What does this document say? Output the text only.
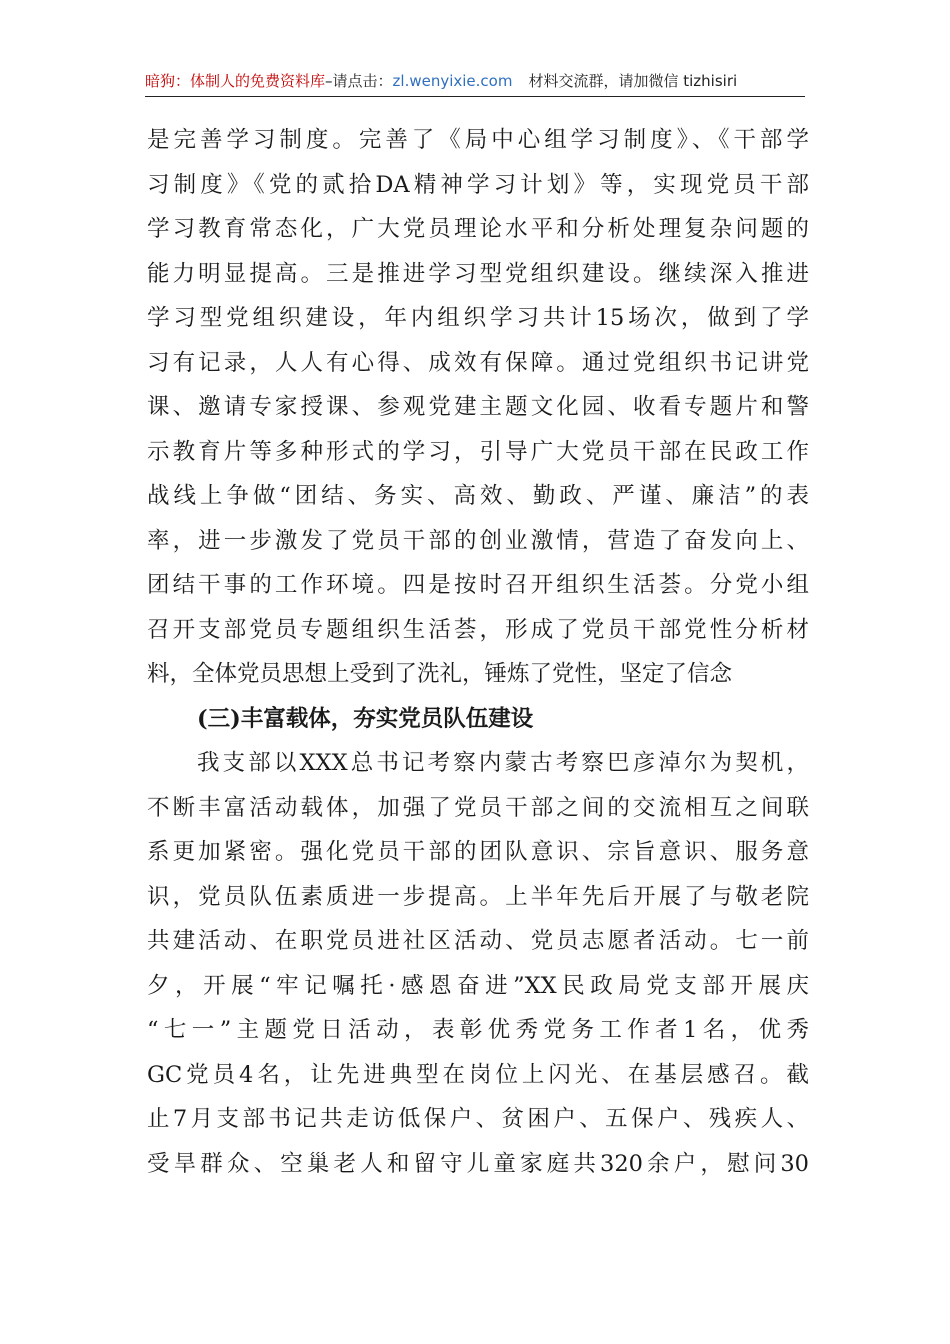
暗狗：体制人的免费资料库–请点击：zl.wenyixie.com 材料交流群，请加微信 tizhisiri
是完善学习制度。完善了《局中心组学习制度》、《干部学
习制度》《党的贰拾DA精神学习计划》等，实现党员干部
学习教育常态化，广大党员理论水平和分析处理复杂问题的
能力明显提高。三是推进学习型党组织建设。继续深入推进
学习型党组织建设，年内组织学习共计15场次，做到了学
习有记录，人人有心得、成效有保障。通过党组织书记讲党
课、邀请专家授课、参观党建主题文化园、收看专题片和警
示教育片等多种形式的学习，引导广大党员干部在民政工作
战线上争做“团结、务实、高效、勤政、严谨、廉洁”的表
率，进一步激发了党员干部的创业激情，营造了奋发向上、
团结干事的工作环境。四是按时召开组织生活荟。分党小组
召开支部党员专题组织生活荟，形成了党员干部党性分析材
料，全体党员思想上受到了洗礼，锤炼了党性，坚定了信念
(三)丰富载体，夯实党员队伍建设
我支部以XXX总书记考察内蒙古考察巴彦淖尔为契机，
不断丰富活动载体，加强了党员干部之间的交流相互之间联
系更加紧密。强化党员干部的团队意识、宗旨意识、服务意
识，党员队伍素质进一步提高。上半年先后开展了与敬老院
共建活动、在职党员进社区活动、党员志愿者活动。七一前
夕，开展“牢记嘱托·感恩奋进”XX民政局党支部开展庆
“七一”主题党日活动，表彰优秀党务工作者1名，优秀
GC党员4名，让先进典型在岗位上闪光、在基层感召。截
止7月支部书记共走访低保户、贫困户、五保户、残疾人、
受旱群众、空巢老人和留守儿童家庭共320余户，慰问30
